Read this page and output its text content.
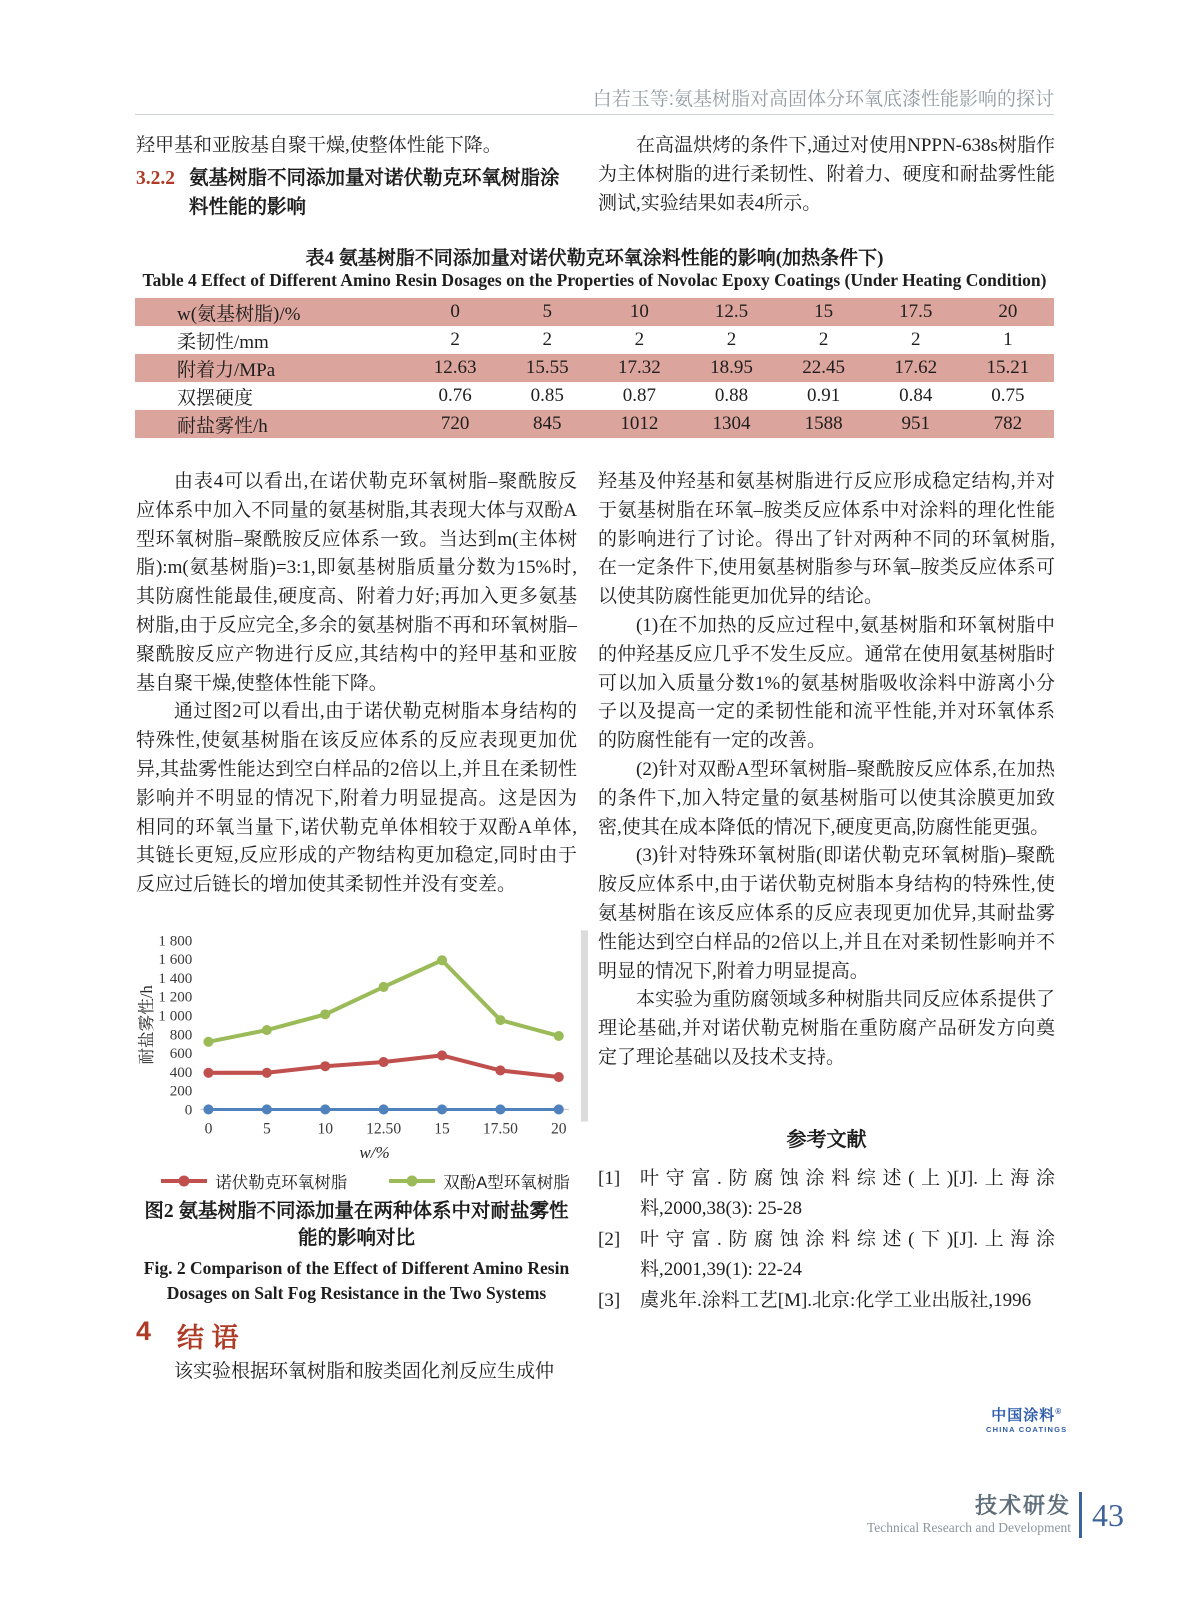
白若玉等:氨基树脂对高固体分环氧底漆性能影响的探讨
羟甲基和亚胺基自聚干燥,使整体性能下降。
3.2.2 氨基树脂不同添加量对诺伏勒克环氧树脂涂料性能的影响
在高温烘烤的条件下,通过对使用NPPN-638s树脂作为主体树脂的进行柔韧性、附着力、硬度和耐盐雾性能测试,实验结果如表4所示。
表4 氨基树脂不同添加量对诺伏勒克环氧涂料性能的影响(加热条件下)
Table 4 Effect of Different Amino Resin Dosages on the Properties of Novolac Epoxy Coatings (Under Heating Condition)
w(氨基树脂)/%	0	5	10	12.5	15	17.5	20
柔韧性/mm	2	2	2	2	2	2	1
附着力/MPa	12.63	15.55	17.32	18.95	22.45	17.62	15.21
双摆硬度	0.76	0.85	0.87	0.88	0.91	0.84	0.75
耐盐雾性/h	720	845	1012	1304	1588	951	782
由表4可以看出,在诺伏勒克环氧树脂–聚酰胺反应体系中加入不同量的氨基树脂,其表现大体与双酚A型环氧树脂–聚酰胺反应体系一致。当达到m(主体树脂):m(氨基树脂)=3:1,即氨基树脂质量分数为15%时,其防腐性能最佳,硬度高、附着力好;再加入更多氨基树脂,由于反应完全,多余的氨基树脂不再和环氧树脂–聚酰胺反应产物进行反应,其结构中的羟甲基和亚胺基自聚干燥,使整体性能下降。
通过图2可以看出,由于诺伏勒克树脂本身结构的特殊性,使氨基树脂在该反应体系的反应表现更加优异,其盐雾性能达到空白样品的2倍以上,并且在柔韧性影响并不明显的情况下,附着力明显提高。这是因为相同的环氧当量下,诺伏勒克单体相较于双酚A单体,其链长更短,反应形成的产物结构更加稳定,同时由于反应过后链长的增加使其柔韧性并没有变差。
0
200
400
600
800
1 000
1 200
1 400
1 600
1 800
0	5	10 12.50 15 17.50 20
w/%
耐盐雾性/h
诺伏勒克环氧树脂	双酚A型环氧树脂
图2 氨基树脂不同添加量在两种体系中对耐盐雾性能的影响对比
Fig. 2 Comparison of the Effect of Different Amino Resin Dosages on Salt Fog Resistance in the Two Systems
4 结 语
该实验根据环氧树脂和胺类固化剂反应生成仲
羟基及仲羟基和氨基树脂进行反应形成稳定结构,并对于氨基树脂在环氧–胺类反应体系中对涂料的理化性能的影响进行了讨论。得出了针对两种不同的环氧树脂,在一定条件下,使用氨基树脂参与环氧–胺类反应体系可以使其防腐性能更加优异的结论。
(1)在不加热的反应过程中,氨基树脂和环氧树脂中的仲羟基反应几乎不发生反应。通常在使用氨基树脂时可以加入质量分数1%的氨基树脂吸收涂料中游离小分子以及提高一定的柔韧性能和流平性能,并对环氧体系的防腐性能有一定的改善。
(2)针对双酚A型环氧树脂–聚酰胺反应体系,在加热的条件下,加入特定量的氨基树脂可以使其涂膜更加致密,使其在成本降低的情况下,硬度更高,防腐性能更强。
(3)针对特殊环氧树脂(即诺伏勒克环氧树脂)–聚酰胺反应体系中,由于诺伏勒克树脂本身结构的特殊性,使氨基树脂在该反应体系的反应表现更加优异,其耐盐雾性能达到空白样品的2倍以上,并且在对柔韧性影响并不明显的情况下,附着力明显提高。
本实验为重防腐领域多种树脂共同反应体系提供了理论基础,并对诺伏勒克树脂在重防腐产品研发方向奠定了理论基础以及技术支持。
参考文献
[1]	叶守富.防腐蚀涂料综述(上)[J].上海涂料,2000,38(3): 25-28
[2]	叶守富.防腐蚀涂料综述(下)[J].上海涂料,2001,39(1): 22-24
[3]	虞兆年.涂料工艺[M].北京:化学工业出版社,1996
中国涂料®
CHINA COATINGS
技术研发
Technical Research and Development 43
